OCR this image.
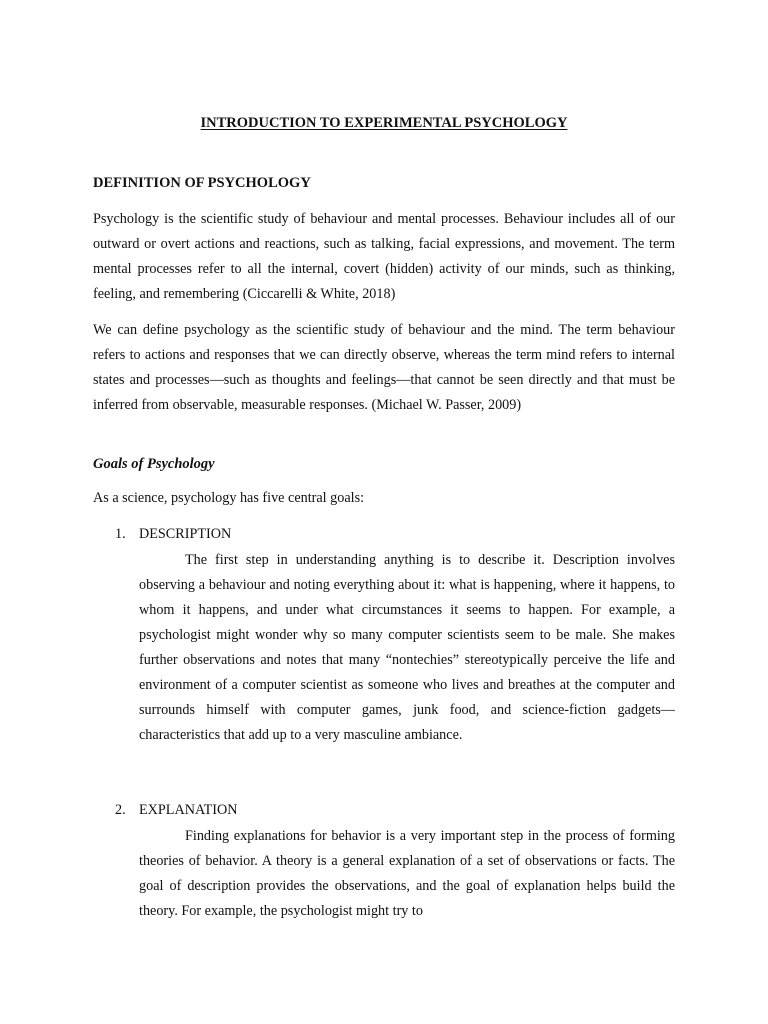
INTRODUCTION TO EXPERIMENTAL PSYCHOLOGY
DEFINITION OF PSYCHOLOGY

Psychology is the scientific study of behaviour and mental processes. Behaviour includes all of our outward or overt actions and reactions, such as talking, facial expressions, and movement. The term mental processes refer to all the internal, covert (hidden) activity of our minds, such as thinking, feeling, and remembering (Ciccarelli & White, 2018)

We can define psychology as the scientific study of behaviour and the mind. The term behaviour refers to actions and responses that we can directly observe, whereas the term mind refers to internal states and processes—such as thoughts and feelings—that cannot be seen directly and that must be inferred from observable, measurable responses. (Michael W. Passer, 2009)

Goals of Psychology
As a science, psychology has five central goals:
1. DESCRIPTION

The first step in understanding anything is to describe it. Description involves observing a behaviour and noting everything about it: what is happening, where it happens, to whom it happens, and under what circumstances it seems to happen. For example, a psychologist might wonder why so many computer scientists seem to be male. She makes further observations and notes that many “nontechies” stereotypically perceive the life and environment of a computer scientist as someone who lives and breathes at the computer and surrounds himself with computer games, junk food, and science-fiction gadgets—characteristics that add up to a very masculine ambiance.

2. EXPLANATION

Finding explanations for behavior is a very important step in the process of forming theories of behavior. A theory is a general explanation of a set of observations or facts. The goal of description provides the observations, and the goal of explanation helps build the theory. For example, the psychologist might try to
